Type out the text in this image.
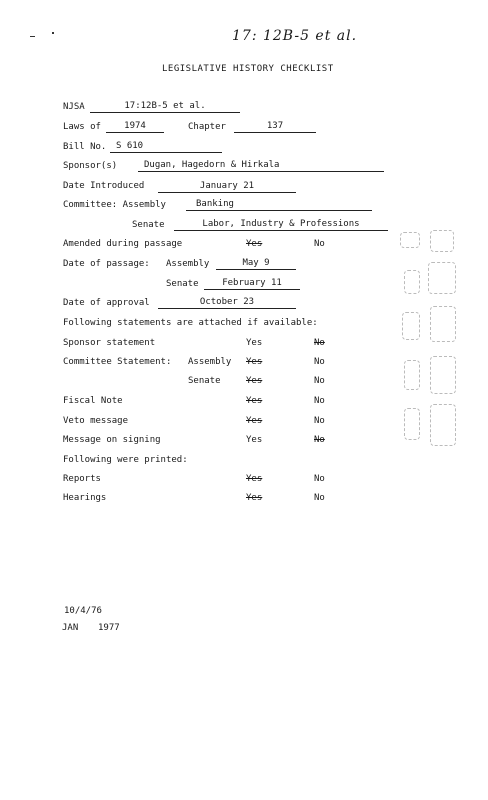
17: 12B-5 et al.
LEGISLATIVE HISTORY CHECKLIST
NJSA	17:12B-5 et al.
Laws of	1974	Chapter	137
Bill No.	S 610
Sponsor(s)	Dugan, Hagedorn & Hirkala
Date Introduced	January 21
Committee: Assembly	Banking
Senate	Labor, Industry & Professions
Amended during passage	Yes	No
Date of passage: Assembly	May 9
Senate	February 11
Date of approval	October 23
Following statements are attached if available:
Sponsor statement	Yes	No
Committee Statement: Assembly Yes	No
Senate	Yes	No
Fiscal Note	Yes	No
Veto message	Yes	No
Message on signing	Yes	No
Following were printed:
Reports	Yes	No
Hearings	Yes	No
10/4/76
JAN 1977
